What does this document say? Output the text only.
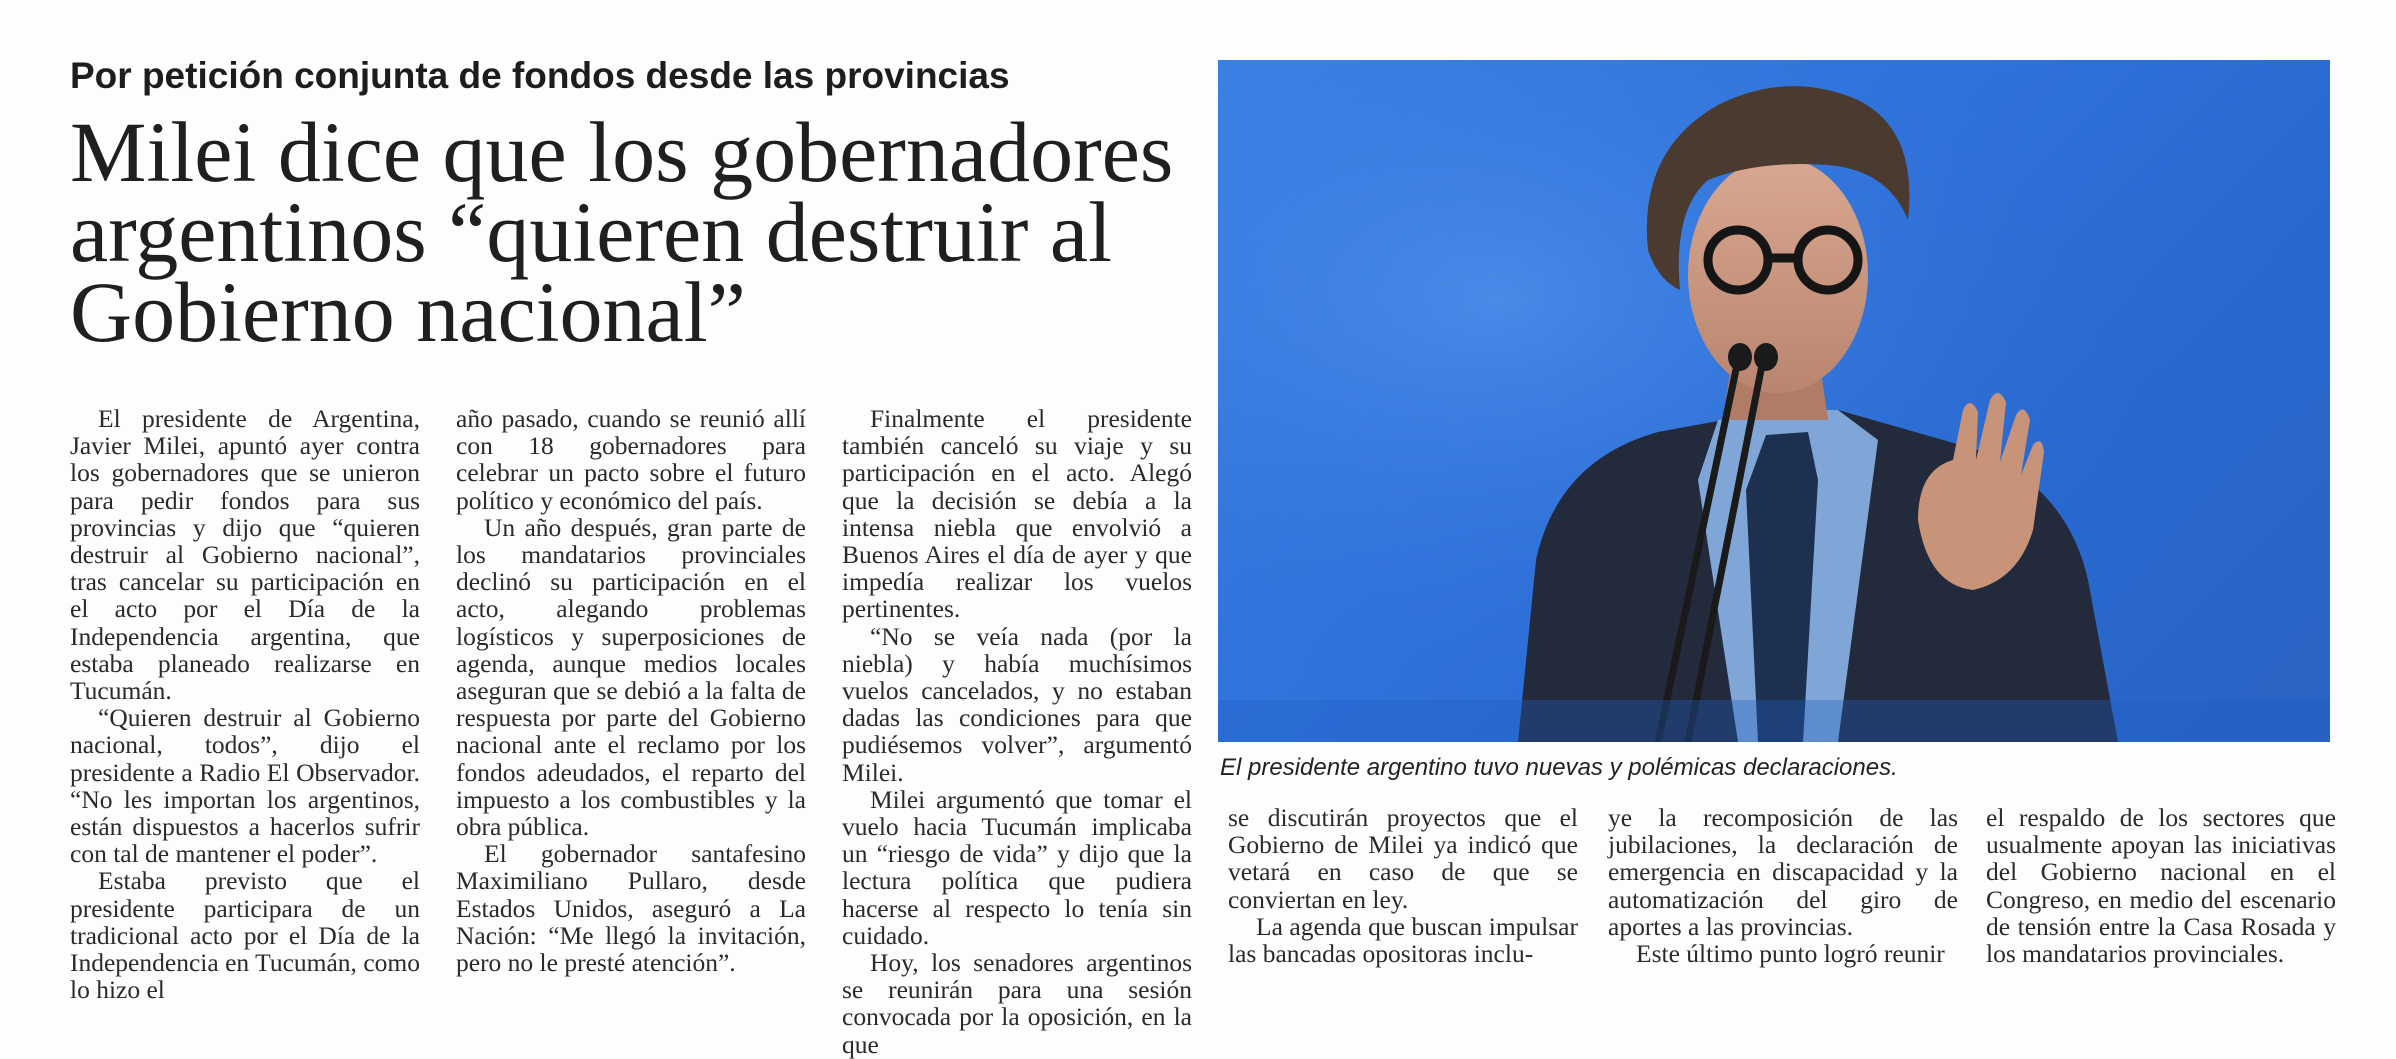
Por petición conjunta de fondos desde las provincias
Milei dice que los gobernadores argentinos “quieren destruir al Gobierno nacional”

El presidente de Argentina, Javier Milei, apuntó ayer contra los gobernadores que se unieron para pedir fondos para sus provincias y dijo que “quieren destruir al Gobierno nacional”, tras cancelar su participación en el acto por el Día de la Independencia argentina, que estaba planeado realizarse en Tucumán.

“Quieren destruir al Gobierno nacional, todos”, dijo el presidente a Radio El Observador. “No les importan los argentinos, están dispuestos a hacerlos sufrir con tal de mantener el poder”.

Estaba previsto que el presidente participara de un tradicional acto por el Día de la Independencia en Tucumán, como lo hizo el

año pasado, cuando se reunió allí con 18 gobernadores para celebrar un pacto sobre el futuro político y económico del país.

Un año después, gran parte de los mandatarios provinciales declinó su participación en el acto, alegando problemas logísticos y superposiciones de agenda, aunque medios locales aseguran que se debió a la falta de respuesta por parte del Gobierno nacional ante el reclamo por los fondos adeudados, el reparto del impuesto a los combustibles y la obra pública.

El gobernador santafesino Maximiliano Pullaro, desde Estados Unidos, aseguró a La Nación: “Me llegó la invitación, pero no le presté atención”.

Finalmente el presidente también canceló su viaje y su participación en el acto. Alegó que la decisión se debía a la intensa niebla que envolvió a Buenos Aires el día de ayer y que impedía realizar los vuelos pertinentes.

“No se veía nada (por la niebla) y había muchísimos vuelos cancelados, y no estaban dadas las condiciones para que pudiésemos volver”, argumentó Milei.

Milei argumentó que tomar el vuelo hacia Tucumán implicaba un “riesgo de vida” y dijo que la lectura política que pudiera hacerse al respecto lo tenía sin cuidado.

Hoy, los senadores argentinos se reunirán para una sesión convocada por la oposición, en la que

El presidente argentino tuvo nuevas y polémicas declaraciones.

se discutirán proyectos que el Gobierno de Milei ya indicó que vetará en caso de que se conviertan en ley.

La agenda que buscan impulsar las bancadas opositoras inclu-

ye la recomposición de las jubilaciones, la declaración de emergencia en discapacidad y la automatización del giro de aportes a las provincias.

Este último punto logró reunir

el respaldo de los sectores que usualmente apoyan las iniciativas del Gobierno nacional en el Congreso, en medio del escenario de tensión entre la Casa Rosada y los mandatarios provinciales.
